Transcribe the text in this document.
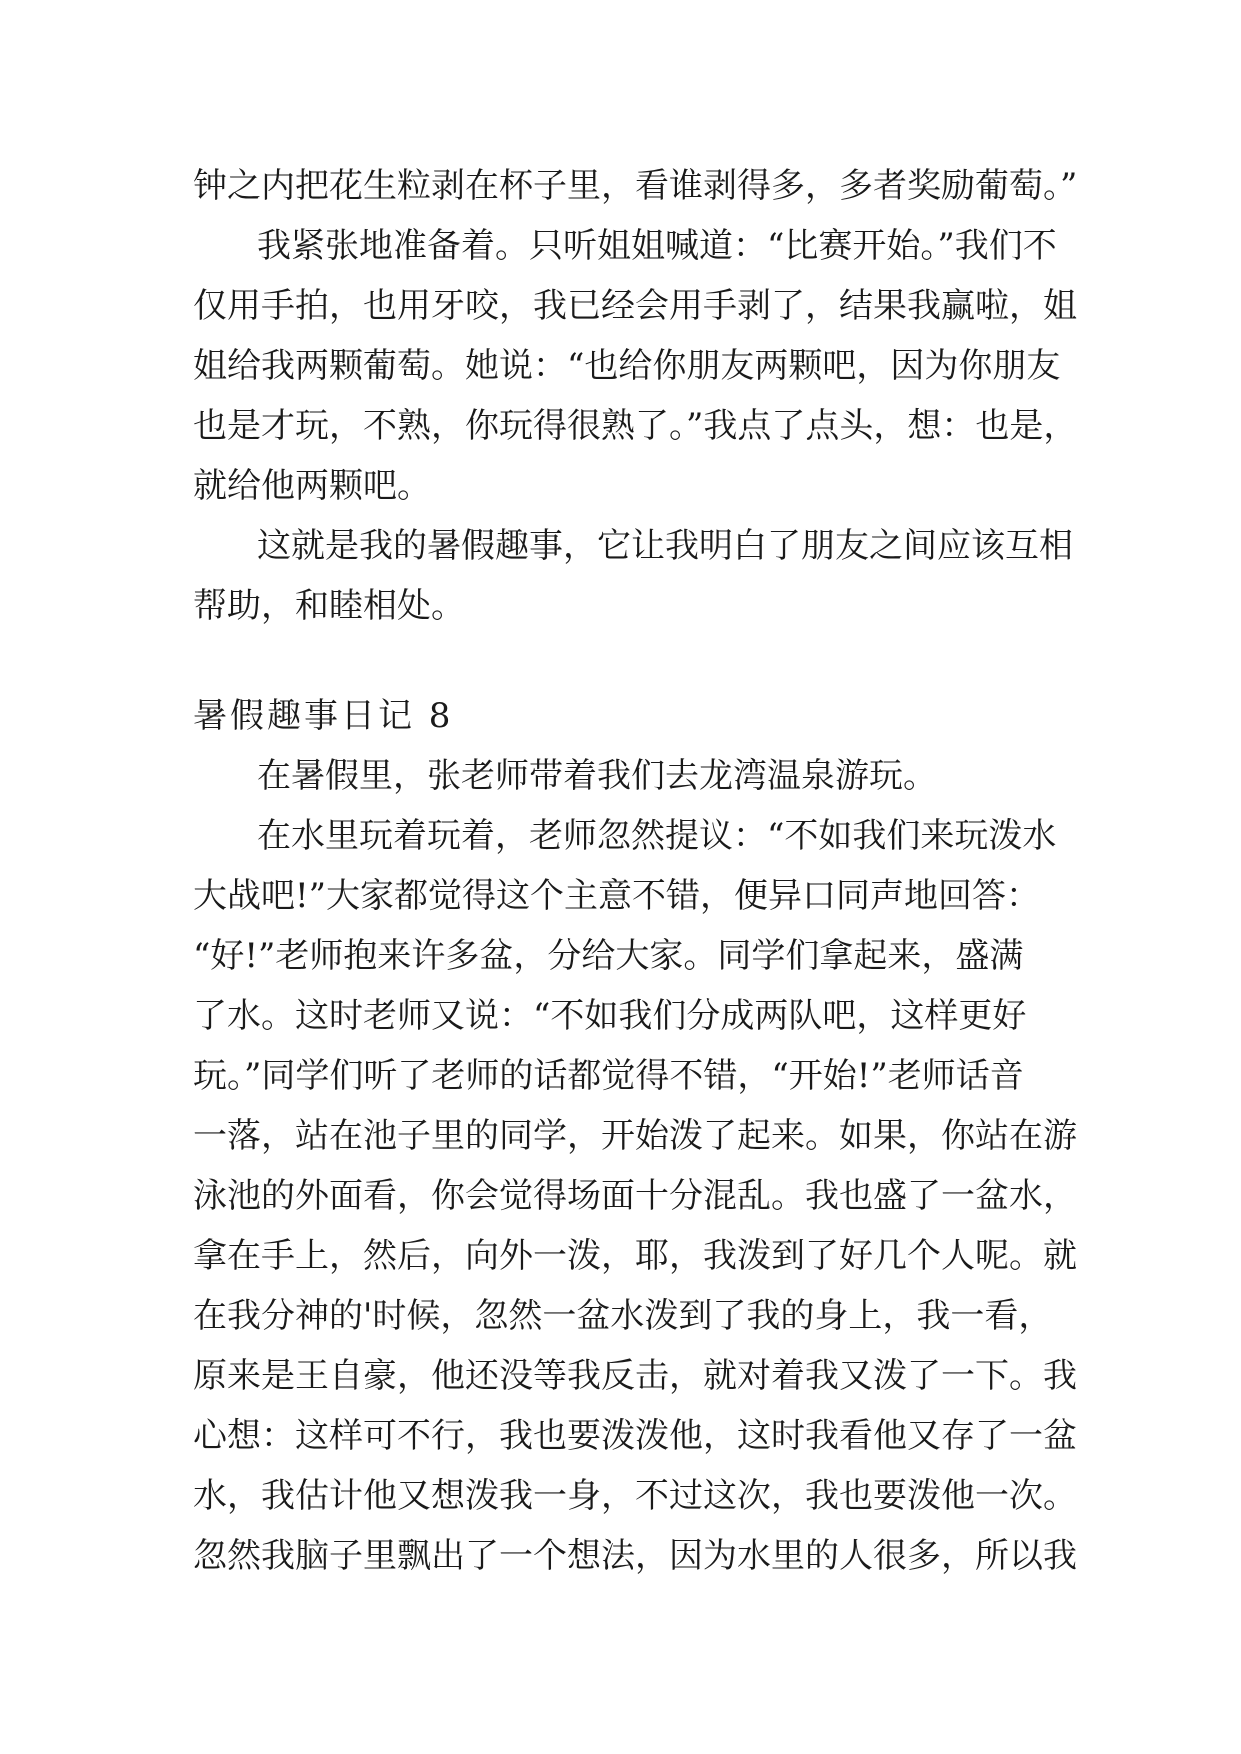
钟之内把花生粒剥在杯子里，看谁剥得多，多者奖励葡萄。”
我紧张地准备着。只听姐姐喊道：“比赛开始。”我们不
仅用手拍，也用牙咬，我已经会用手剥了，结果我赢啦，姐
姐给我两颗葡萄。她说：“也给你朋友两颗吧，因为你朋友
也是才玩，不熟，你玩得很熟了。”我点了点头，想：也是，
就给他两颗吧。
这就是我的暑假趣事，它让我明白了朋友之间应该互相
帮助，和睦相处。
暑假趣事日记 8
在暑假里，张老师带着我们去龙湾温泉游玩。
在水里玩着玩着，老师忽然提议：“不如我们来玩泼水
大战吧!”大家都觉得这个主意不错，便异口同声地回答：
“好!”老师抱来许多盆，分给大家。同学们拿起来，盛满
了水。这时老师又说：“不如我们分成两队吧，这样更好
玩。”同学们听了老师的话都觉得不错，“开始!”老师话音
一落，站在池子里的同学，开始泼了起来。如果，你站在游
泳池的外面看，你会觉得场面十分混乱。我也盛了一盆水，
拿在手上，然后，向外一泼，耶，我泼到了好几个人呢。就
在我分神的'时候，忽然一盆水泼到了我的身上，我一看，
原来是王自豪，他还没等我反击，就对着我又泼了一下。我
心想：这样可不行，我也要泼泼他，这时我看他又存了一盆
水，我估计他又想泼我一身，不过这次，我也要泼他一次。
忽然我脑子里飘出了一个想法，因为水里的人很多，所以我
